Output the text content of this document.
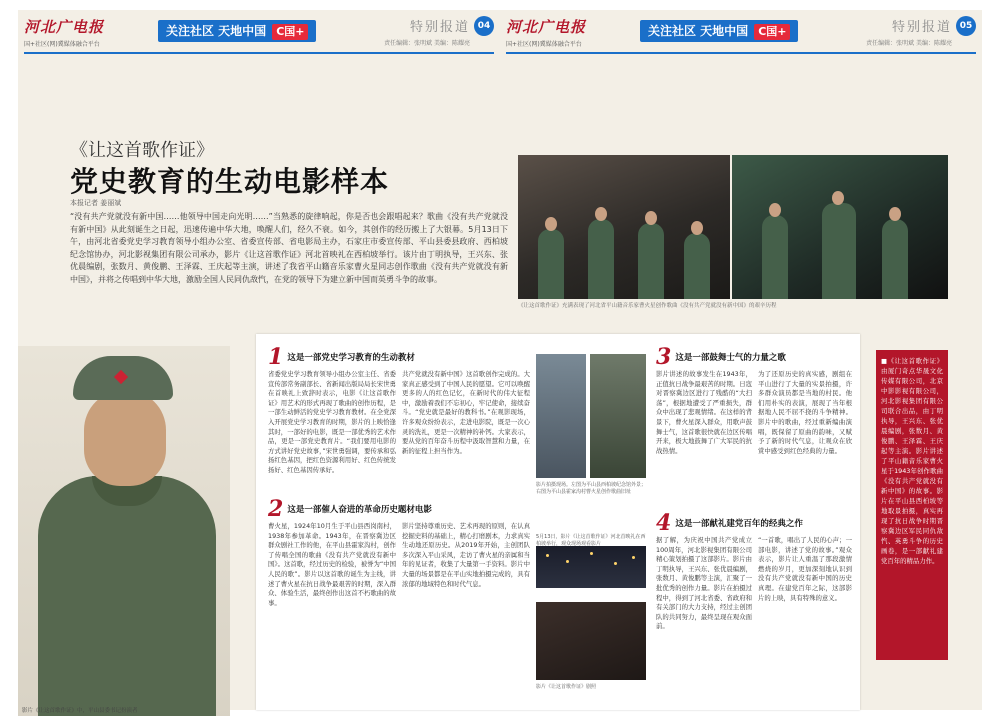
河北广电报
国+社区(网)冀媒体融合平台
关注社区 天地中国 C国+	特别报道 04
责任编辑：张明斌 美编：陈耀亮
河北广电报
国+社区(网)冀媒体融合平台
关注社区 天地中国 C国+	特别报道 05
责任编辑：张明斌 美编：陈耀亮
《让这首歌作证》
党史教育的生动电影样本
本报记者 姜丽斌
“没有共产党就没有新中国……他领导中国走向光明……”当熟悉的旋律响起，你是否也会跟唱起来？歌曲《没有共产党就没有新中国》从此刻诞生之日起，迅速传遍中华大地，唤醒人们，经久不衰。如今，其创作的经历搬上了大银幕。5月13日下午，由河北省委党史学习教育领导小组办公室、省委宣传部、省电影局主办，石家庄市委宣传部、平山县委县政府、西柏坡纪念馆协办，河北影视集团有限公司承办，影片《让这首歌作证》河北首映礼在西柏坡举行。该片由丁明执导，王兴东、张优晨编剧，张数月、黄俊鹏、王泽霖、王庆起等主演，讲述了我省平山籍音乐家曹火星同志创作歌曲《没有共产党就没有新中国》，并将之传唱到中华大地，激励全国人民同仇敌忾，在党的领导下为建立新中国而英勇斗争的故事。
《让这首歌作证》充满表现了河北省平山籍音乐家曹火星创作歌曲《没有共产党就没有新中国》的艰辛历程
影片《让这首歌作证》中，平山县委书记扮演者
1 这是一部党史学习教育的生动教材
省委党史学习教育领导小组办公室主任、省委宣传部常务副部长、省新闻出版局局长宋世勇在首映礼上致辞时表示，电影《让这首歌作证》用艺术的形式再现了歌曲的创作历程，是一部生动鲜活的党史学习教育教材。在全党深入开展党史学习教育的时期，影片的上映恰逢其时，一部好的电影，既是一部优秀的艺术作品，更是一部党史教育片。“我们要用电影的方式讲好党史故事，”宋世勇强调，要传承和弘扬红色基因，把红色资源利用好、红色传统发扬好、红色基因传承好。
共产党就没有新中国》这首歌创作完成的。大家真正感受到了中国人民的愿望。它可以唤醒更多的人的红色记忆，在新时代的伟大征程中，激励着我们不忘初心，牢记使命，接续奋斗。“党史就是最好的教科书。”在观影现场，许多观众纷纷表示，走进电影院，既是一次心灵的洗礼，更是一次精神的补钙。大家表示，要从党的百年奋斗历程中汲取智慧和力量，在新的征程上担当作为。
2 这是一部催人奋进的革命历史题材电影
曹火星，1924年10月生于平山县西岗南村，1938年参加革命。1943年，在晋察冀边区群众剧社工作的他，在平山县霍家沟村，创作了传唱全国的歌曲《没有共产党就没有新中国》。这首歌，经过历史的检验，被誉为“中国人民的歌”。影片以这首歌的诞生为主线，讲述了曹火星在抗日战争最艰苦的时期，深入群众、体验生活，最终创作出这首不朽歌曲的故事。
影片坚持尊重历史、艺术再现的原则，在认真挖掘史料的基础上，精心打磨剧本，力求真实生动地还原历史。从2019年开始，主创团队多次深入平山采风，走访了曹火星的亲属和当年的见证者，收集了大量第一手资料。影片中大量的场景都是在平山实地拍摄完成的，具有浓郁的地域特色和时代气息。
影片拍摄现场。左图为平山县西柏坡纪念馆外景；右图为平山县霍家沟村曹火星创作歌曲旧址
5月13日，影片《让这首歌作证》河北首映礼在西柏坡举行，观众现场观看影片
影片《让这首歌作证》剧照
3 这是一部鼓舞士气的力量之歌
影片讲述的故事发生在1943年，正值抗日战争最艰苦的时期。日寇对晋察冀边区进行了残酷的“大扫荡”，根据地遭受了严重损失，群众中出现了悲观情绪。在这样的背景下，曹火星深入群众，用歌声鼓舞士气，这首歌很快就在边区传唱开来，极大地鼓舞了广大军民的抗战热情。
为了还原历史的真实感，剧组在平山进行了大量的实景拍摄，许多群众演员都是当地的村民。他们用朴实的表演，展现了当年根据地人民不屈不挠的斗争精神。影片中的歌曲，经过重新编曲演唱，既保留了原曲的韵味，又赋予了新的时代气息，让观众在欣赏中感受到红色经典的力量。
4 这是一部献礼建党百年的经典之作
据了解，为庆祝中国共产党成立100周年，河北影视集团有限公司精心策划拍摄了这部影片。影片由丁明执导，王兴东、张优晨编剧，张数月、黄俊鹏等主演，汇聚了一批优秀的创作力量。影片在拍摄过程中，得到了河北省委、省政府和有关部门的大力支持，经过主创团队的共同努力，最终呈现在观众面前。
“一首歌，唱出了人民的心声；一部电影，讲述了党的故事。”观众表示，影片让人重温了那段激情燃烧的岁月，更加深刻地认识到没有共产党就没有新中国的历史真理。在建党百年之际，这部影片的上映，具有特殊的意义。

■《让这首歌作证》由厦门奇点华晟文化传媒有限公司，北京中影影视有限公司，河北影视集团有限公司联合出品，由丁明执导，王兴东、张优晨编剧，张数月、黄俊鹏、王泽霖、王庆起等主演。影片讲述了平山籍音乐家曹火星于1943年创作歌曲《没有共产党就没有新中国》的故事。影片在平山县西柏坡等地取景拍摄，真实再现了抗日战争时期晋察冀边区军民同仇敌忾、英勇斗争的历史画卷，是一部献礼建党百年的精品力作。
